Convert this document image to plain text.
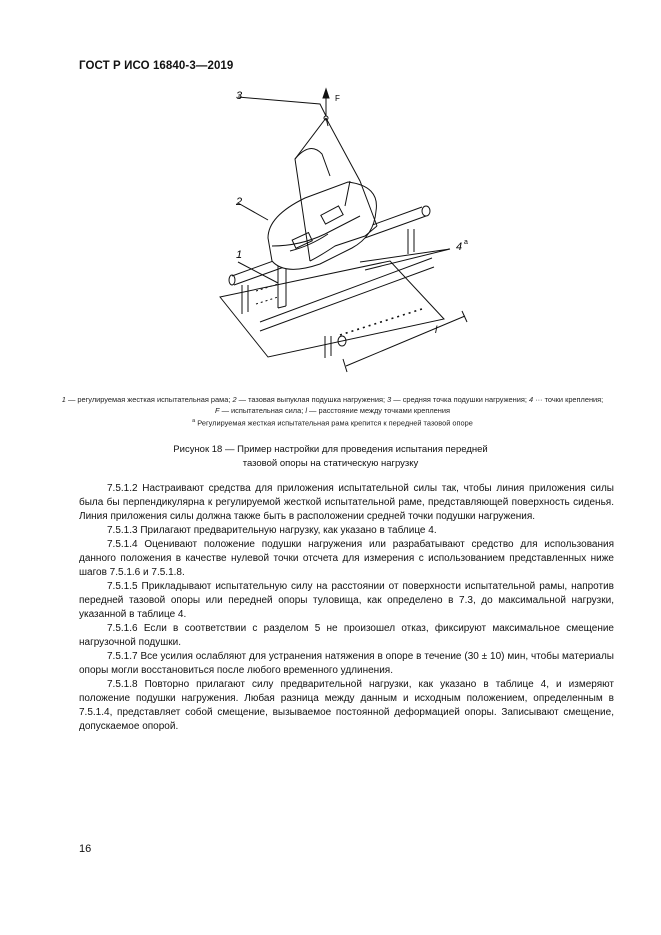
ГОСТ Р ИСО 16840-3—2019
3	F
2
1
4 a
l
1 — регулируемая жесткая испытательная рама; 2 — тазовая выпуклая подушка нагружения; 3 — средняя точка подушки нагружения; 4 ··· точки крепления; F — испытательная сила; l — расстояние между точками крепления
$^a$ Регулируемая жесткая испытательная рама крепится к передней тазовой опоре
Рисунок 18 — Пример настройки для проведения испытания передней
тазовой опоры на статическую нагрузку

7.5.1.2 Настраивают средства для приложения испытательной силы так, чтобы линия приложения силы была бы перпендикулярна к регулируемой жесткой испытательной раме, представляющей поверхность сиденья. Линия приложения силы должна также быть в расположении средней точки подушки нагружения.

7.5.1.3 Прилагают предварительную нагрузку, как указано в таблице 4.

7.5.1.4 Оценивают положение подушки нагружения или разрабатывают средство для использования данного положения в качестве нулевой точки отсчета для измерения с использованием представленных ниже шагов 7.5.1.6 и 7.5.1.8.

7.5.1.5 Прикладывают испытательную силу на расстоянии от поверхности испытательной рамы, напротив передней тазовой опоры или передней опоры туловища, как определено в 7.3, до максимальной нагрузки, указанной в таблице 4.

7.5.1.6 Если в соответствии с разделом 5 не произошел отказ, фиксируют максимальное смещение нагрузочной подушки.

7.5.1.7 Все усилия ослабляют для устранения натяжения в опоре в течение (30 ± 10) мин, чтобы материалы опоры могли восстановиться после любого временного удлинения.

7.5.1.8 Повторно прилагают силу предварительной нагрузки, как указано в таблице 4, и измеряют положение подушки нагружения. Любая разница между данным и исходным положением, определенным в 7.5.1.4, представляет собой смещение, вызываемое постоянной деформацией опоры. Записывают смещение, допускаемое опорой.

16
